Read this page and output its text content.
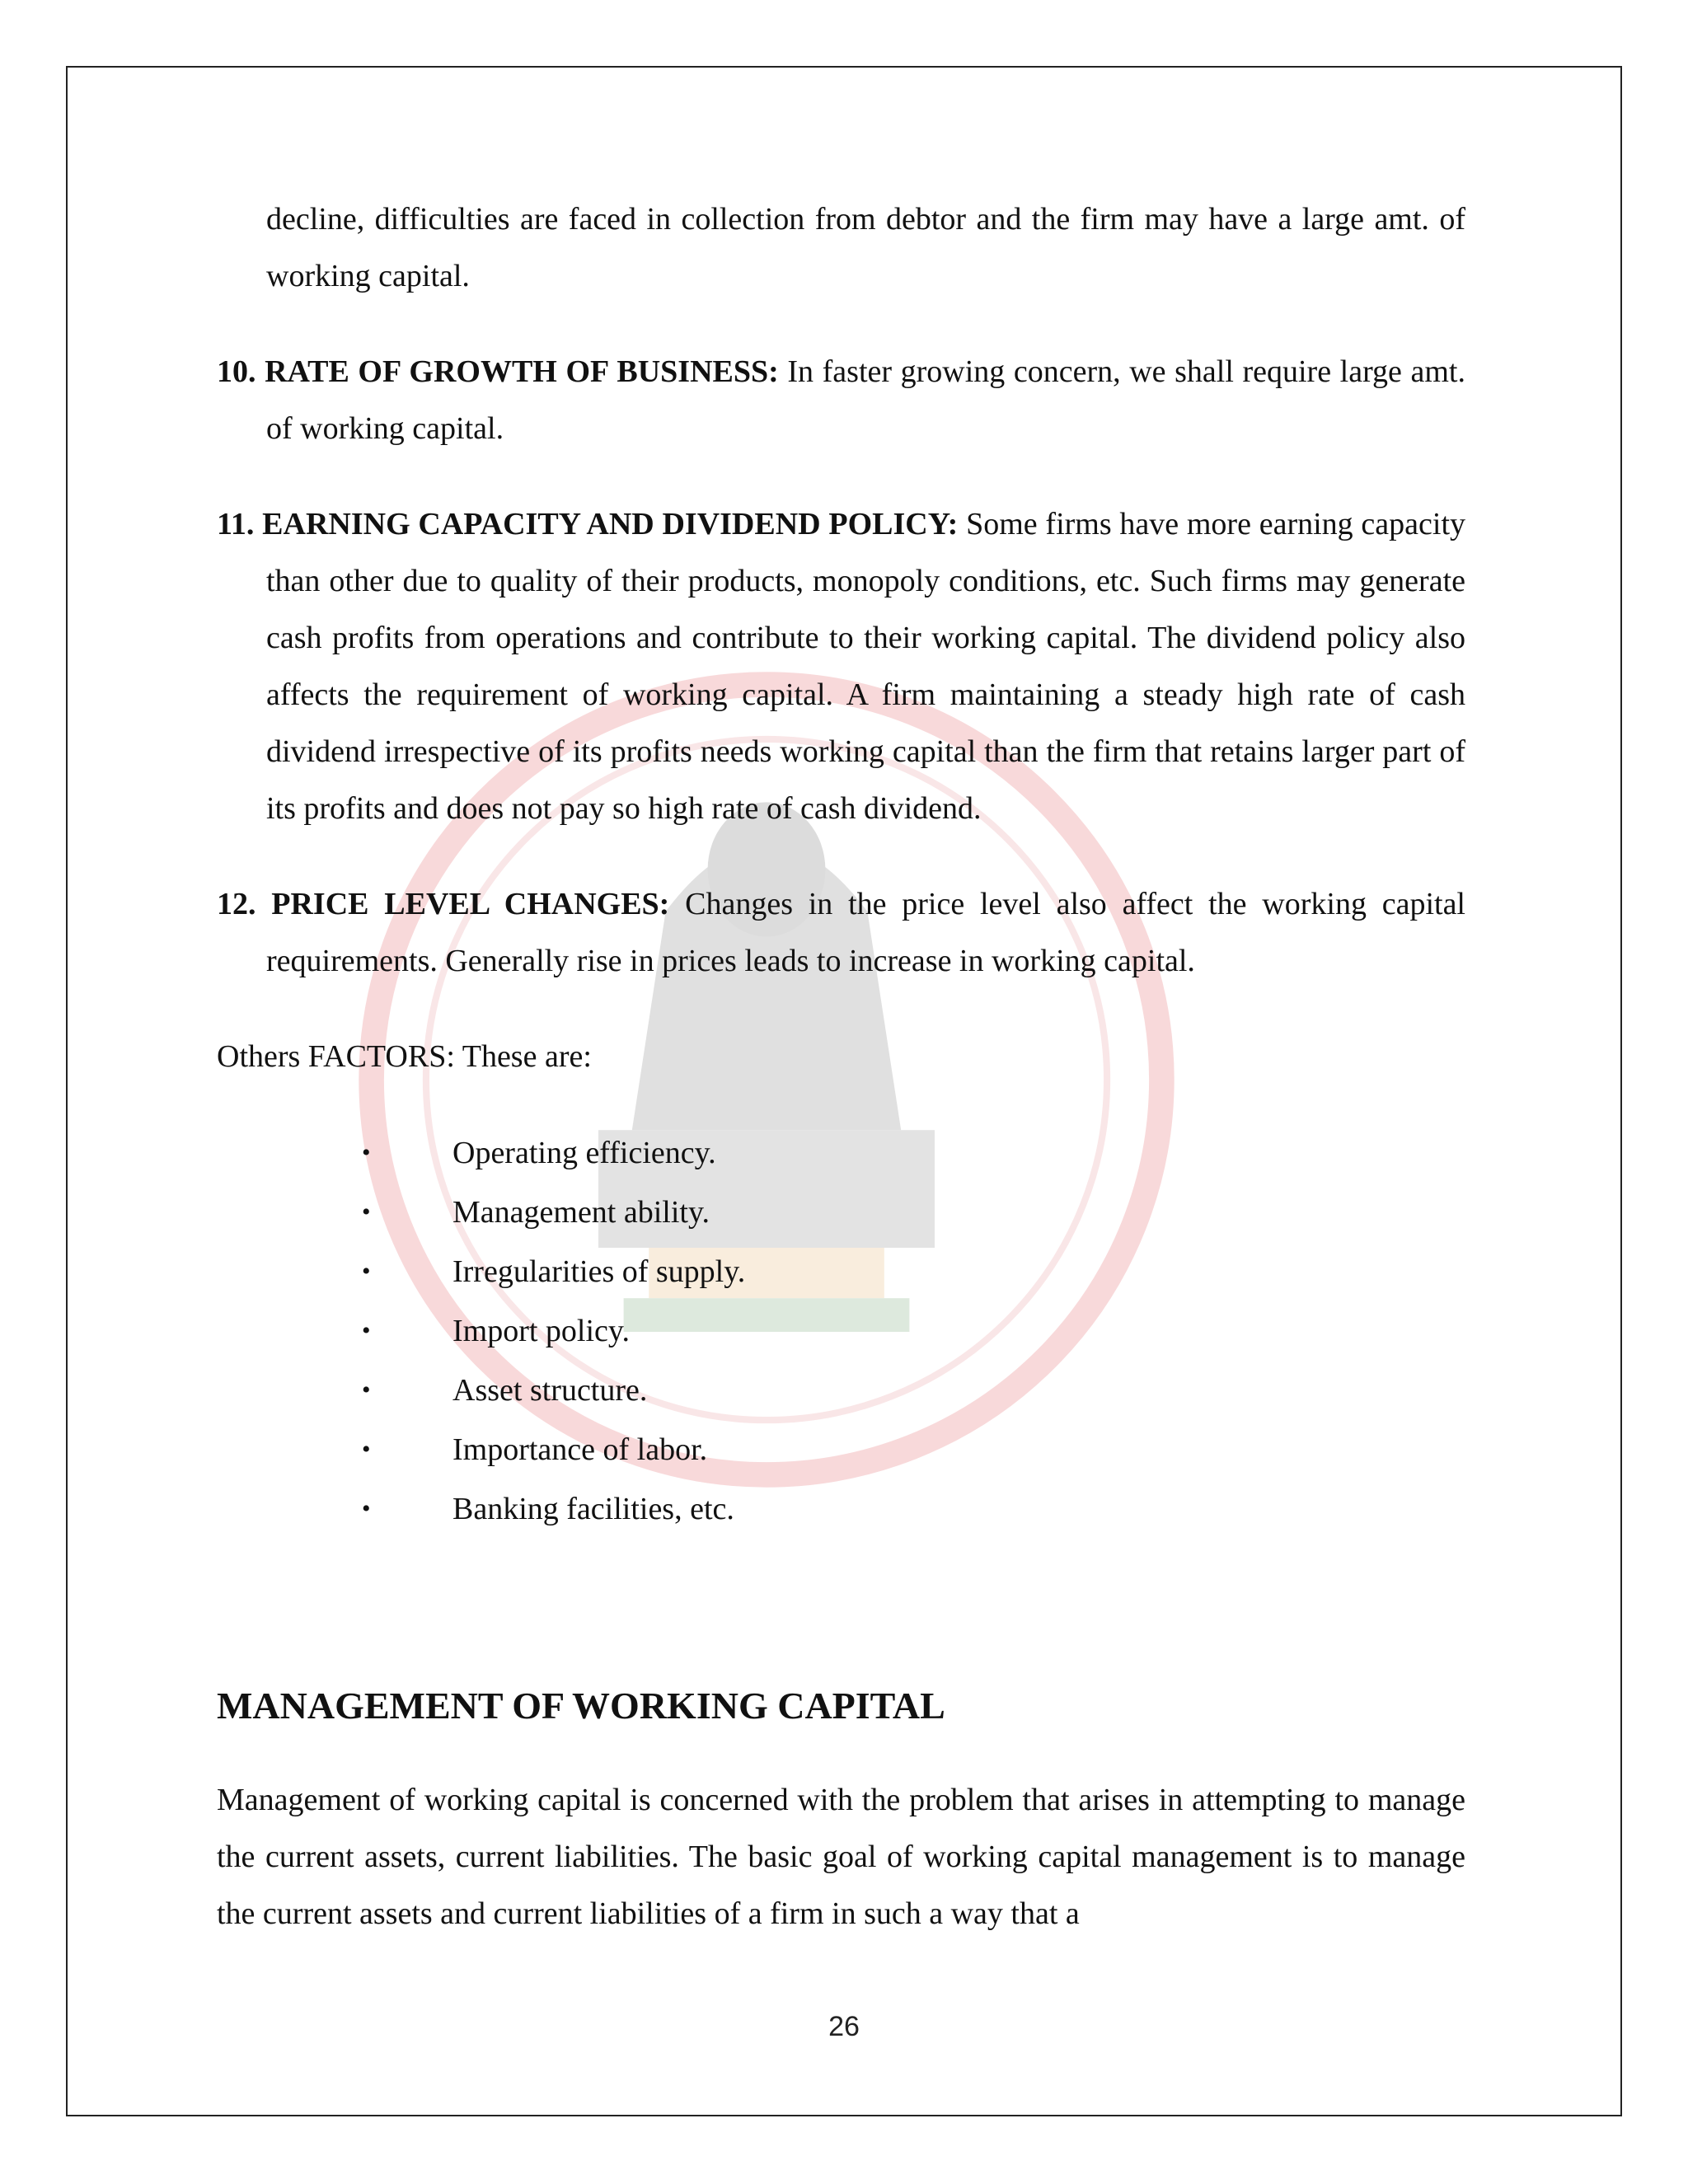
decline, difficulties are faced in collection from debtor and the firm may have a large amt. of working capital.

10. RATE OF GROWTH OF BUSINESS: In faster growing concern, we shall require large amt. of working capital.

11. EARNING CAPACITY AND DIVIDEND POLICY: Some firms have more earning capacity than other due to quality of their products, monopoly conditions, etc. Such firms may generate cash profits from operations and contribute to their working capital. The dividend policy also affects the requirement of working capital. A firm maintaining a steady high rate of cash dividend irrespective of its profits needs working capital than the firm that retains larger part of its profits and does not pay so high rate of cash dividend.

12. PRICE LEVEL CHANGES: Changes in the price level also affect the working capital requirements. Generally rise in prices leads to increase in working capital.

Others FACTORS: These are:

•	Operating efficiency.
•	Management ability.
•	Irregularities of supply.
•	Import policy.
•	Asset structure.
•	Importance of labor.
•	Banking facilities, etc.
MANAGEMENT OF WORKING CAPITAL

Management of working capital is concerned with the problem that arises in attempting to manage the current assets, current liabilities. The basic goal of working capital management is to manage the current assets and current liabilities of a firm in such a way that a

26
